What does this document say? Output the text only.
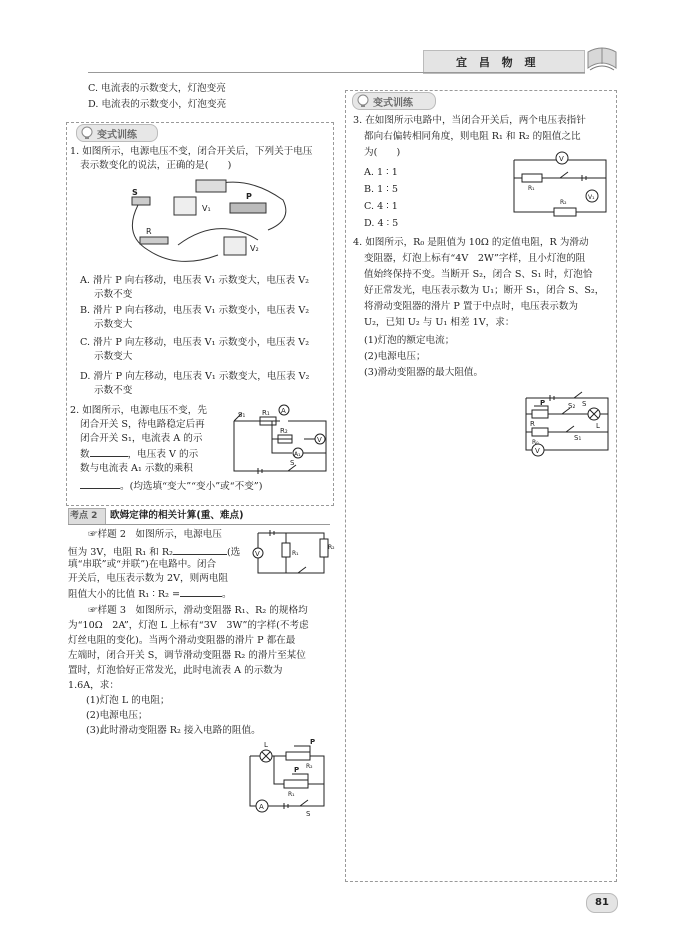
宜 昌 物 理
C. 电流表的示数变大，灯泡变亮
D. 电流表的示数变小，灯泡变亮
变式训练
1. 如图所示，电源电压不变，闭合开关后，下列关于电压
表示数变化的说法，正确的是(　　)
S
V₁
P
R
V₂
A. 滑片 P 向右移动，电压表 V₁ 示数变大，电压表 V₂
示数不变
B. 滑片 P 向右移动，电压表 V₁ 示数变小，电压表 V₂
示数变大
C. 滑片 P 向左移动，电压表 V₁ 示数变小，电压表 V₂
示数变大
D. 滑片 P 向左移动，电压表 V₁ 示数变大，电压表 V₂
示数不变
2. 如图所示，电源电压不变，先
闭合开关 S，待电路稳定后再
闭合开关 S₁，电流表 A 的示
数	，电压表 V 的示
数与电流表 A₁ 示数的乘积
。(均选填“变大”“变小”或“不变”)
A
V
A₁
S₁ R₁
R₂
S
考点 2 欧姆定律的相关计算(重、难点)
☞样题 2　如图所示，电源电压
恒为 3V，电阻 R₁ 和 R₂	(选
填“串联”或“并联”)在电路中。闭合
开关后，电压表示数为 2V，则两电阻
阻值大小的比值 R₁ ∶ R₂ =	。
V	R₁
R₂
☞样题 3　如图所示，滑动变阻器 R₁、R₂ 的规格均
为“10Ω　2A”，灯泡 L 上标有“3V　3W”的字样(不考虑
灯丝电阻的变化)。当两个滑动变阻器的滑片 P 都在最
左端时，闭合开关 S，调节滑动变阻器 R₂ 的滑片至某位
置时，灯泡恰好正常发光，此时电流表 A 的示数为
1.6A，求：
(1)灯泡 L 的电阻；
(2)电源电压；
(3)此时滑动变阻器 R₂ 接入电路的阻值。
L	P
R₂
P
R₁
A
S
变式训练
3. 在如图所示电路中，当闭合开关后，两个电压表指针
都向右偏转相同角度，则电阻 R₁ 和 R₂ 的阻值之比
为(　　)
A. 1 ∶ 1
B. 1 ∶ 5
C. 4 ∶ 1
D. 4 ∶ 5
V
V₁
R₁
R₂
4. 如图所示，R₀ 是阻值为 10Ω 的定值电阻，R 为滑动
变阻器，灯泡上标有“4V　2W”字样，且小灯泡的阻
值始终保持不变。当断开 S₂，闭合 S、S₁ 时，灯泡恰
好正常发光，电压表示数为 U₁；断开 S₁，闭合 S、S₂，
将滑动变阻器的滑片 P 置于中点时，电压表示数为
U₂，已知 U₂ 与 U₁ 相差 1V，求：
(1)灯泡的额定电流；
(2)电源电压；
(3)滑动变阻器的最大阻值。
V
S
P	S₂
R	L
R₀
S₁
81
